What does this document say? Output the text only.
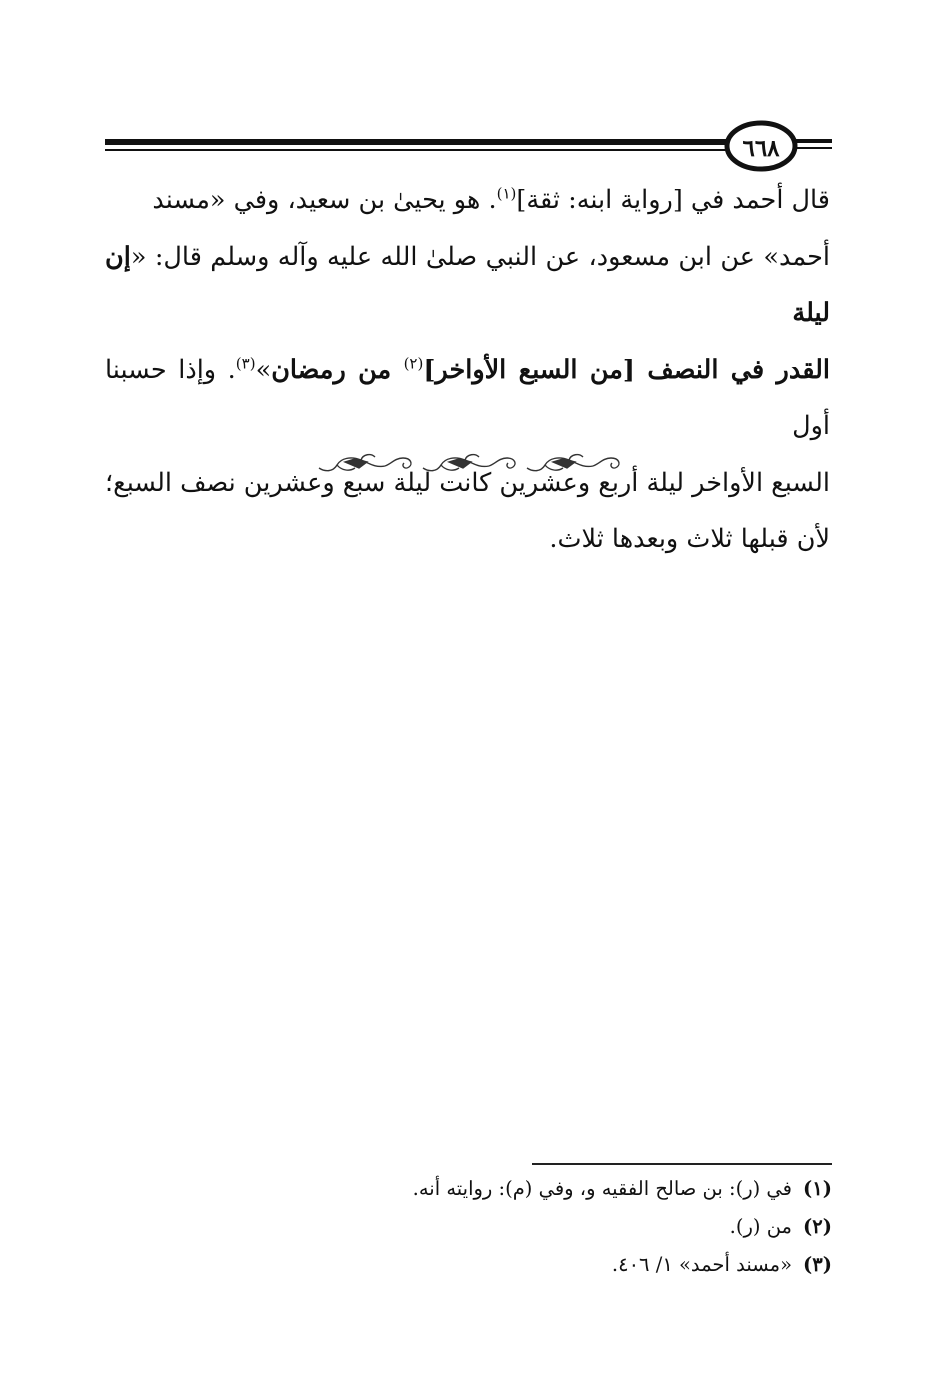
٦٦٨

قال أحمد في [رواية ابنه: ثقة]$^{(١)}$. هو يحيىٰ بن سعيد، وفي «مسند

أحمد» عن ابن مسعود، عن النبي صلىٰ الله عليه وآله وسلم قال: «إن ليلة

القدر في النصف [من السبع الأواخر]$^{(٢)}$ من رمضان»$^{(٣)}$. وإذا حسبنا أول

السبع الأواخر ليلة أربع وعشرين كانت ليلة سبع وعشرين نصف السبع؛

لأن قبلها ثلاث وبعدها ثلاث.

(١)
في (ر): بن صالح الفقيه و، وفي (م): روايته أنه.
(٢)
من (ر).
(٣)
«مسند أحمد» ١/ ٤٠٦.
